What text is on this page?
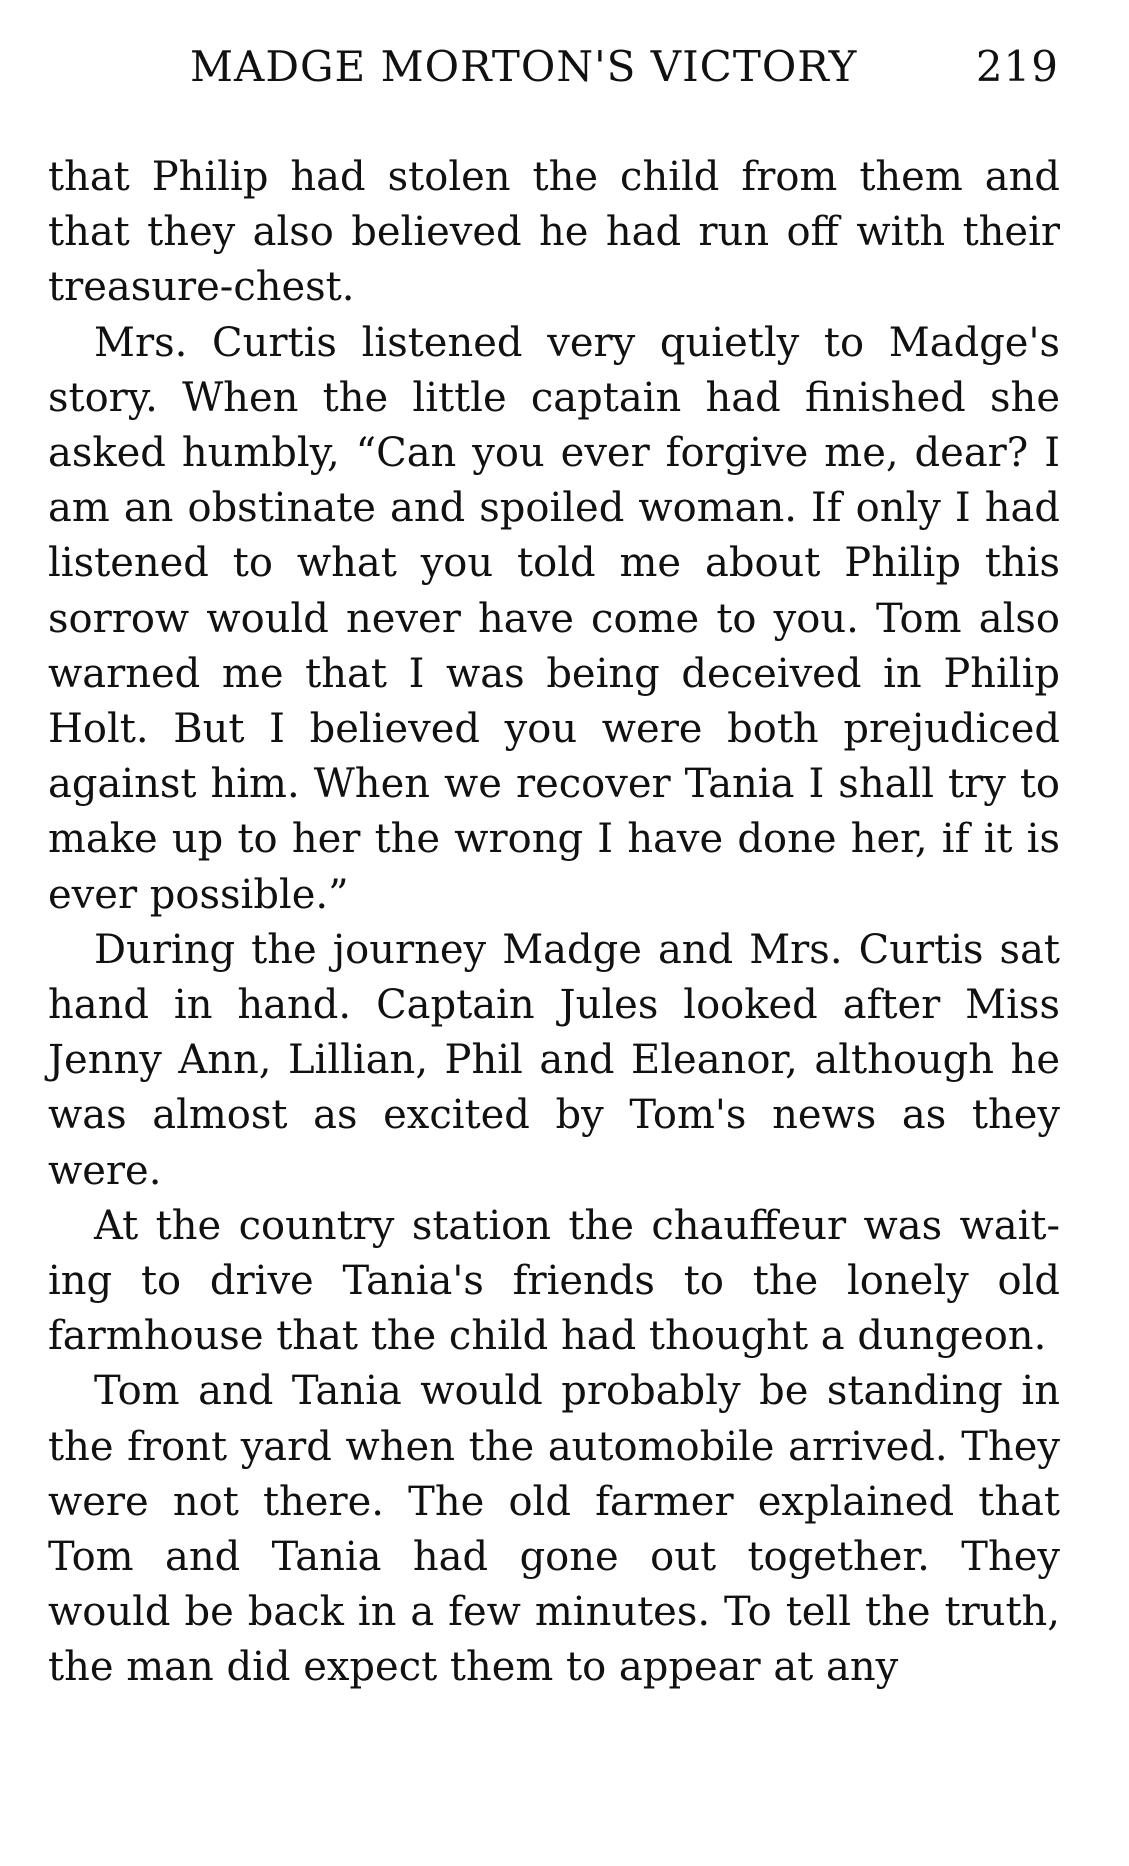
MADGE MORTON'S VICTORY	219

that Philip had stolen the child from them and that they also believed he had run off with their treasure-chest.

Mrs. Curtis listened very quietly to Madge's story. When the little captain had finished she asked humbly, “Can you ever forgive me, dear? I am an obstinate and spoiled woman. If only I had listened to what you told me about Philip this sorrow would never have come to you. Tom also warned me that I was being deceived in Philip Holt. But I believed you were both prejudiced against him. When we recover Tania I shall try to make up to her the wrong I have done her, if it is ever possible.”

During the journey Madge and Mrs. Curtis sat hand in hand. Captain Jules looked after Miss Jenny Ann, Lillian, Phil and Eleanor, although he was almost as excited by Tom's news as they were.

At the country station the chauffeur was waiting to drive Tania's friends to the lonely old farmhouse that the child had thought a dungeon.

Tom and Tania would probably be standing in the front yard when the automobile arrived. They were not there. The old farmer explained that Tom and Tania had gone out together. They would be back in a few minutes. To tell the truth, the man did expect them to appear at any
